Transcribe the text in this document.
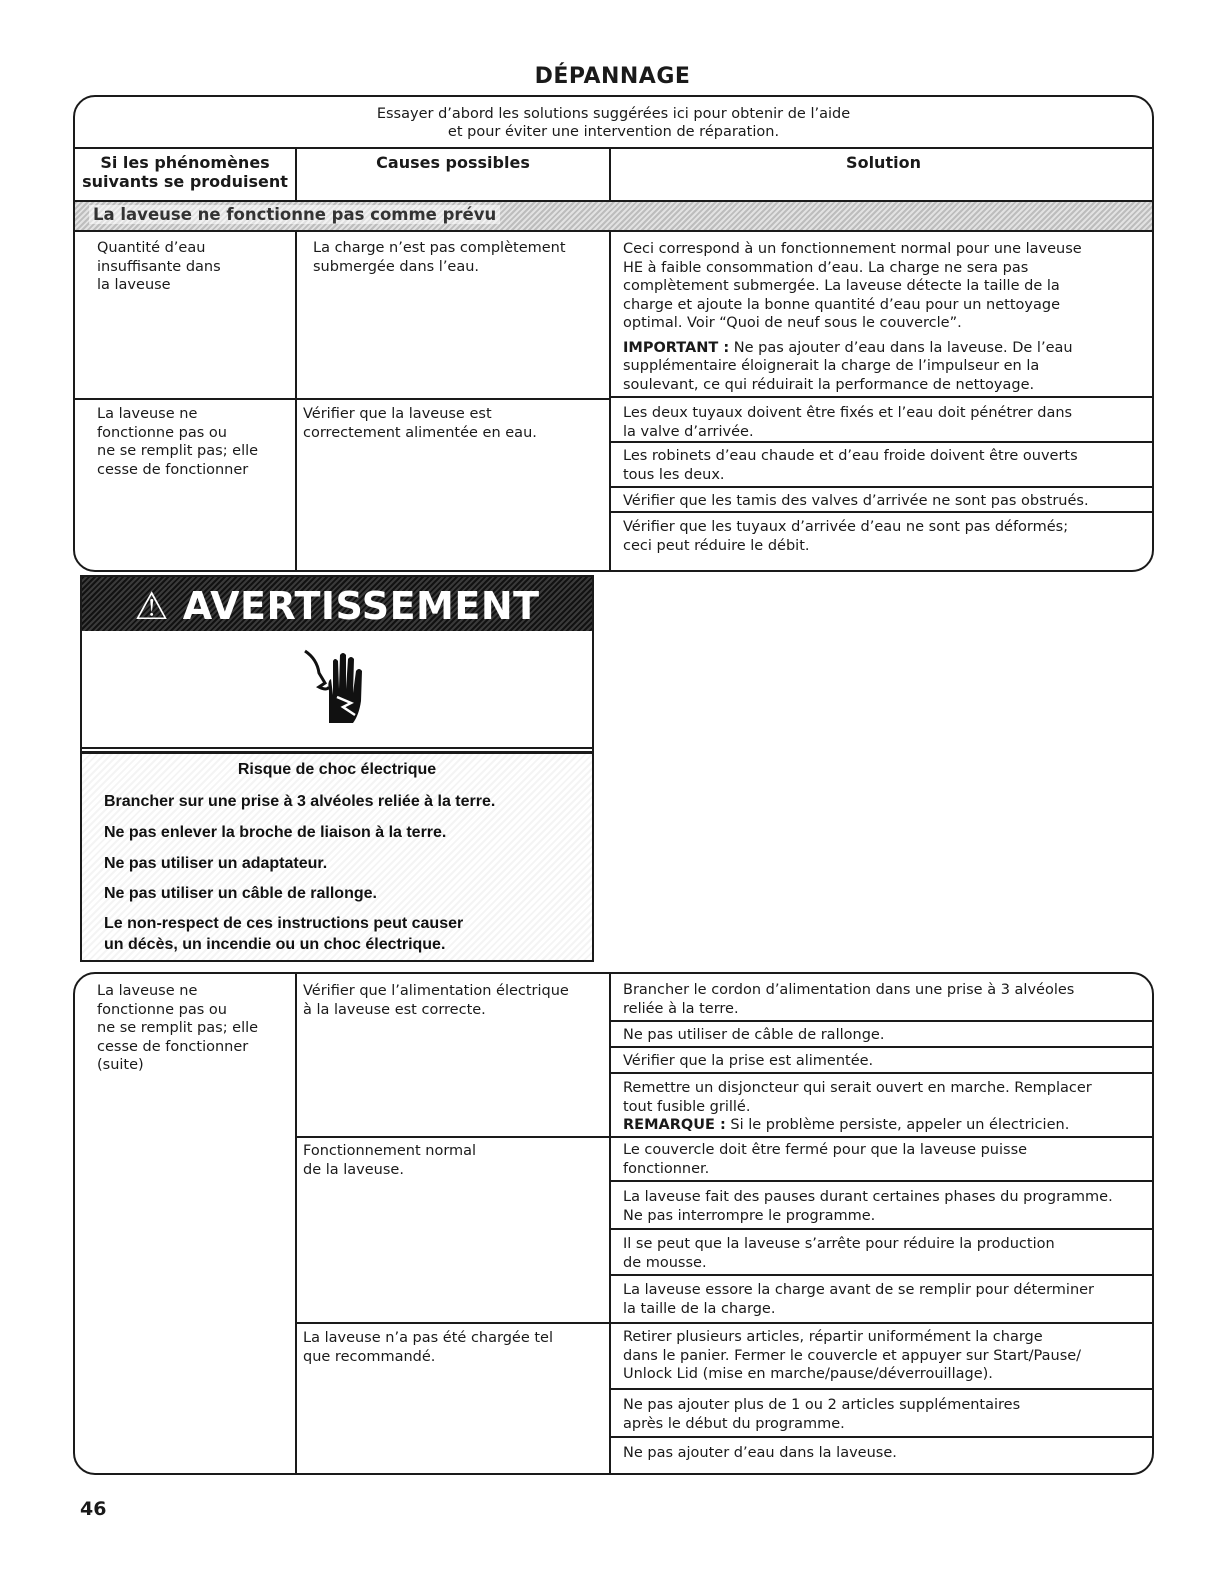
DÉPANNAGE
Essayer d’abord les solutions suggérées ici pour obtenir de l’aide
et pour éviter une intervention de réparation.
Si les phénomènes
suivants se produisent
Causes possibles	Solution
La laveuse ne fonctionne pas comme prévu
Quantité d’eau
insuffisante dans
la laveuse
La charge n’est pas complètement
submergée dans l’eau.
Ceci correspond à un fonctionnement normal pour une laveuse
HE à faible consommation d’eau. La charge ne sera pas
complètement submergée. La laveuse détecte la taille de la
charge et ajoute la bonne quantité d’eau pour un nettoyage
optimal. Voir “Quoi de neuf sous le couvercle”.
IMPORTANT : Ne pas ajouter d’eau dans la laveuse. De l’eau
supplémentaire éloignerait la charge de l’impulseur en la
soulevant, ce qui réduirait la performance de nettoyage.
La laveuse ne
fonctionne pas ou
ne se remplit pas; elle
cesse de fonctionner
Vérifier que la laveuse est
correctement alimentée en eau.
Les deux tuyaux doivent être fixés et l’eau doit pénétrer dans
la valve d’arrivée.
Les robinets d’eau chaude et d’eau froide doivent être ouverts
tous les deux.
Vérifier que les tamis des valves d’arrivée ne sont pas obstrués.
Vérifier que les tuyaux d’arrivée d’eau ne sont pas déformés;
ceci peut réduire le débit.
⚠ AVERTISSEMENT
Risque de choc électrique
Brancher sur une prise à 3 alvéoles reliée à la terre.
Ne pas enlever la broche de liaison à la terre.
Ne pas utiliser un adaptateur.
Ne pas utiliser un câble de rallonge.
Le non-respect de ces instructions peut causer
un décès, un incendie ou un choc électrique.
La laveuse ne
fonctionne pas ou
ne se remplit pas; elle
cesse de fonctionner
(suite)
Vérifier que l’alimentation électrique
à la laveuse est correcte.
Brancher le cordon d’alimentation dans une prise à 3 alvéoles
reliée à la terre.
Ne pas utiliser de câble de rallonge.
Vérifier que la prise est alimentée.
Remettre un disjoncteur qui serait ouvert en marche. Remplacer
tout fusible grillé.
REMARQUE : Si le problème persiste, appeler un électricien.
Fonctionnement normal
de la laveuse.
Le couvercle doit être fermé pour que la laveuse puisse
fonctionner.
La laveuse fait des pauses durant certaines phases du programme.
Ne pas interrompre le programme.
Il se peut que la laveuse s’arrête pour réduire la production
de mousse.
La laveuse essore la charge avant de se remplir pour déterminer
la taille de la charge.
La laveuse n’a pas été chargée tel
que recommandé.
Retirer plusieurs articles, répartir uniformément la charge
dans le panier. Fermer le couvercle et appuyer sur Start/Pause/
Unlock Lid (mise en marche/pause/déverrouillage).
Ne pas ajouter plus de 1 ou 2 articles supplémentaires
après le début du programme.
Ne pas ajouter d’eau dans la laveuse.
46
